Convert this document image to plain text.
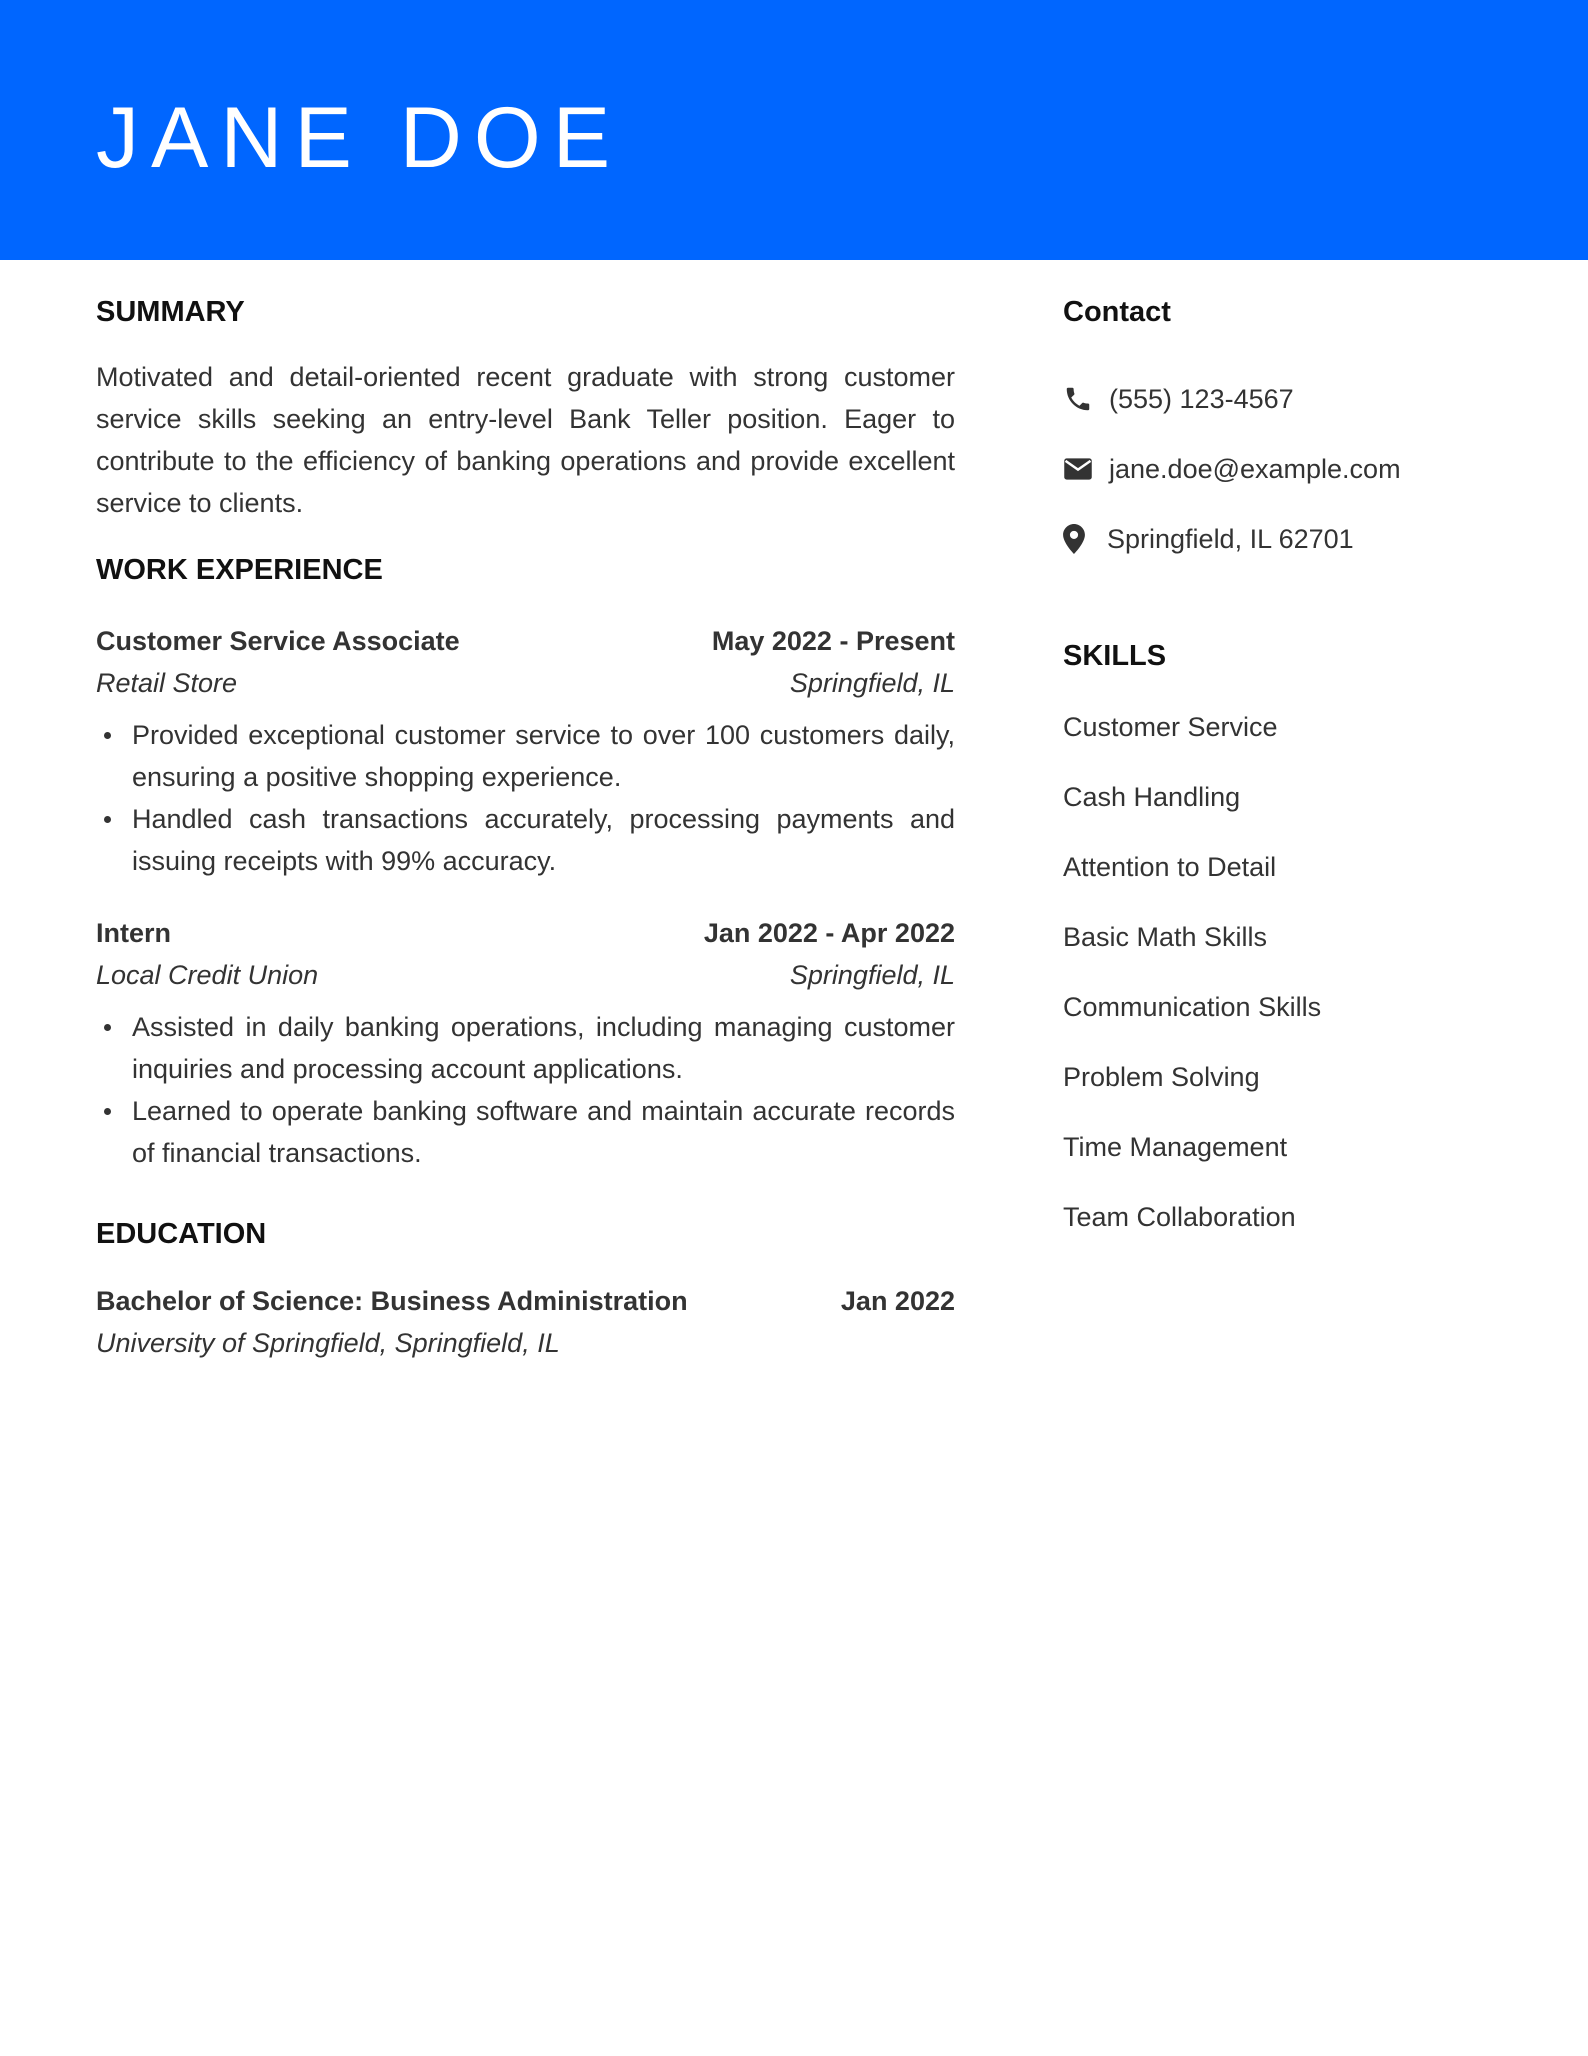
JANE DOE
SUMMARY

Motivated and detail-oriented recent graduate with strong customer service skills seeking an entry-level Bank Teller position. Eager to contribute to the efficiency of banking operations and provide excellent service to clients.

WORK EXPERIENCE
Customer Service Associate	May 2022 - Present
Retail Store	Springfield, IL
Provided exceptional customer service to over 100 customers daily, ensuring a positive shopping experience.
Handled cash transactions accurately, processing payments and issuing receipts with 99% accuracy.
Intern	Jan 2022 - Apr 2022
Local Credit Union	Springfield, IL
Assisted in daily banking operations, including managing customer inquiries and processing account applications.
Learned to operate banking software and maintain accurate records of financial transactions.
EDUCATION
Bachelor of Science: Business Administration	Jan 2022
University of Springfield, Springfield, IL
Contact
(555) 123-4567
jane.doe@example.com
Springfield, IL 62701
SKILLS
Customer Service
Cash Handling
Attention to Detail
Basic Math Skills
Communication Skills
Problem Solving
Time Management
Team Collaboration
